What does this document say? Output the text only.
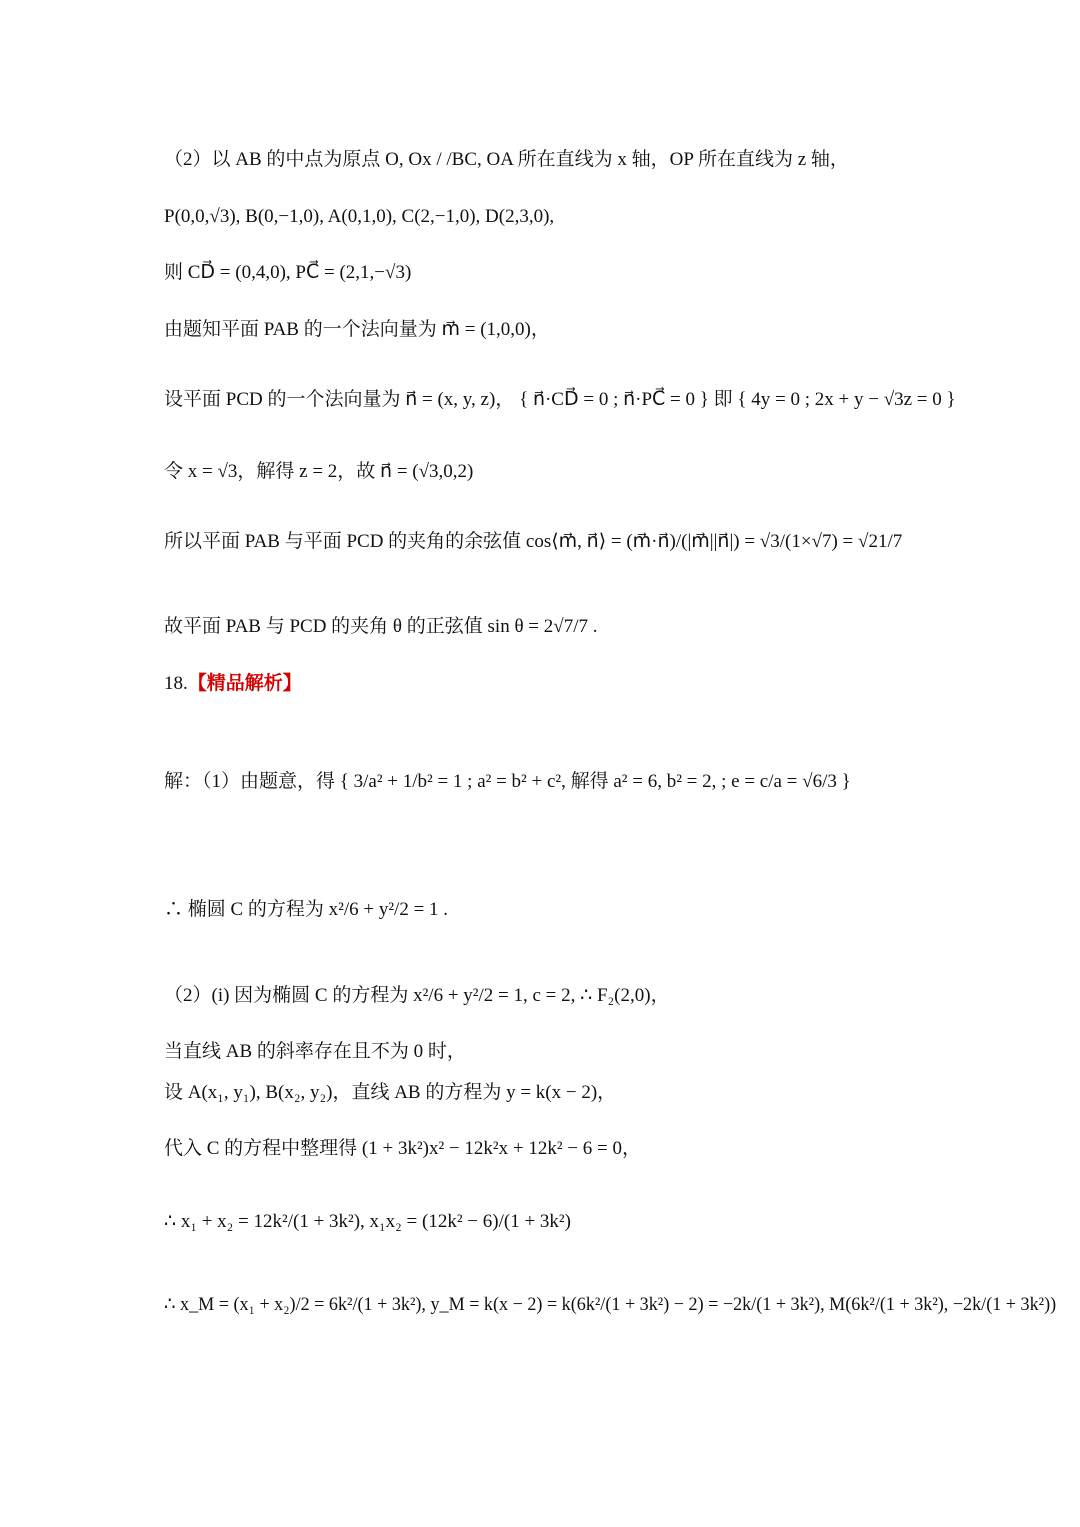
（2）以 AB 的中点为原点 O, Ox / /BC, OA 所在直线为 x 轴，OP 所在直线为 z 轴，
P(0,0,√3), B(0,−1,0), A(0,1,0), C(2,−1,0), D(2,3,0),
则 CD⃗ = (0,4,0), PC⃗ = (2,1,−√3)
由题知平面 PAB 的一个法向量为 m⃗ = (1,0,0)，
设平面 PCD 的一个法向量为 n⃗ = (x, y, z)， { n⃗·CD⃗ = 0 ; n⃗·PC⃗ = 0 } 即 { 4y = 0 ; 2x + y − √3z = 0 }
令 x = √3，解得 z = 2，故 n⃗ = (√3,0,2)
所以平面 PAB 与平面 PCD 的夹角的余弦值 cos⟨m⃗, n⃗⟩ = (m⃗·n⃗)/(|m⃗||n⃗|) = √3/(1×√7) = √21/7
故平面 PAB 与 PCD 的夹角 θ 的正弦值 sin θ = 2√7/7 .
18.【精品解析】
解：（1）由题意，得 { 3/a² + 1/b² = 1 ; a² = b² + c², 解得 a² = 6, b² = 2, ; e = c/a = √6/3 }
∴ 椭圆 C 的方程为 x²/6 + y²/2 = 1 .
（2）(i) 因为椭圆 C 的方程为 x²/6 + y²/2 = 1, c = 2, ∴ F₂(2,0)，
当直线 AB 的斜率存在且不为 0 时，
设 A(x₁, y₁), B(x₂, y₂)，直线 AB 的方程为 y = k(x − 2)，
代入 C 的方程中整理得 (1 + 3k²)x² − 12k²x + 12k² − 6 = 0，
∴ x₁ + x₂ = 12k²/(1 + 3k²), x₁x₂ = (12k² − 6)/(1 + 3k²)
∴ x_M = (x₁ + x₂)/2 = 6k²/(1 + 3k²), y_M = k(x − 2) = k(6k²/(1 + 3k²) − 2) = −2k/(1 + 3k²), M(6k²/(1 + 3k²), −2k/(1 + 3k²))
